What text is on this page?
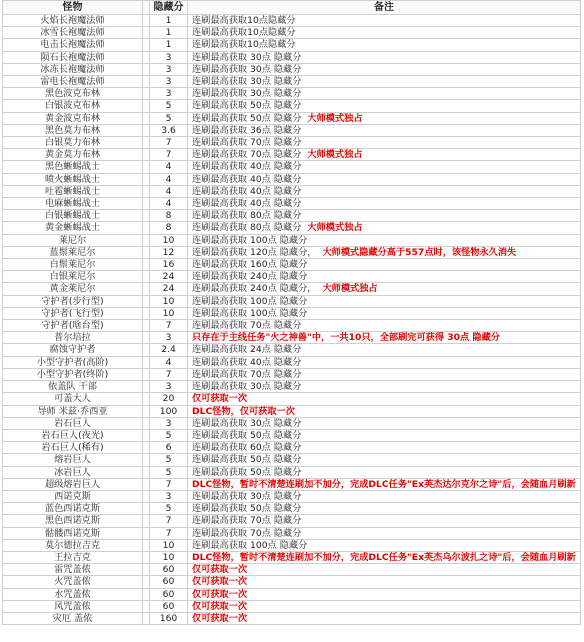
怪物		隐藏分	备注
火焰长袍魔法师		1	连刷最高获取10点隐藏分
冰雪长袍魔法师		1	连刷最高获取10点隐藏分
电击长袍魔法师		1	连刷最高获取10点隐藏分
陨石长袍魔法师		3	连刷最高获取 30点 隐藏分
冰冻长袍魔法师		3	连刷最高获取 30点 隐藏分
雷电长袍魔法师		3	连刷最高获取 30点 隐藏分
黑色波克布林		3	连刷最高获取 30点 隐藏分
白银波克布林		5	连刷最高获取 50点 隐藏分
黄金波克布林		5	连刷最高获取 50点 隐藏分 大师模式独占
黑色莫力布林		3.6	连刷最高获取 36点 隐藏分
白银莫力布林		7	连刷最高获取 70点 隐藏分
黄金莫力布林		7	连刷最高获取 70点 隐藏分 大师模式独占
黑色蜥蜴战士		4	连刷最高获取 40点 隐藏分
喷火蜥蜴战士		4	连刷最高获取 40点 隐藏分
吐雹蜥蜴战士		4	连刷最高获取 40点 隐藏分
电麻蜥蜴战士		4	连刷最高获取 40点 隐藏分
白银蜥蜴战士		8	连刷最高获取 80点 隐藏分
黄金蜥蜴战士		8	连刷最高获取 80点 隐藏分 大师模式独占
莱尼尔		10	连刷最高获取 100点 隐藏分
蓝鬃莱尼尔		12	连刷最高获取 120点 隐藏分， 大师模式隐藏分高于557点时，该怪物永久消失
白鬃莱尼尔		16	连刷最高获取 160点 隐藏分
白银莱尼尔		24	连刷最高获取 240点 隐藏分
黄金莱尼尔		24	连刷最高获取 240点 隐藏分， 大师模式独占
守护者(步行型)		10	连刷最高获取 100点 隐藏分
守护者(飞行型)		10	连刷最高获取 100点 隐藏分
守护者(啥台型)		7	连刷最高获取 70点 隐藏分
普尔培拉		3	只存在于主线任务"火之神兽"中，一共10只，全部刷完可获得 30点 隐藏分
腐蚀守护者		2.4	连刷最高获取 24点 隐藏分
小型守护者(高阶)		4	连刷最高获取 40点 隐藏分
小型守护者(终阶)		7	连刷最高获取 70点 隐藏分
依盖队 干部		3	连刷最高获取 30点 隐藏分
可盖大人		20	仅可获取一次
导师 米兹·乔西亚		100	DLC怪物，仅可获取一次
岩石巨人		3	连刷最高获取 30点 隐藏分
岩石巨人(夜光)		5	连刷最高获取 50点 隐藏分
岩石巨人(稀有)		6	连刷最高获取 60点 隐藏分
熔岩巨人		5	连刷最高获取 50点 隐藏分
冰岩巨人		5	连刷最高获取 50点 隐藏分
超级熔岩巨人		7	DLC怪物，暂时不清楚连刷加不加分，完成DLC任务"Ex英杰达尔克尔之诗"后，会随血月刷新
西诺克斯		3	连刷最高获取 30点 隐藏分
蓝色西诺克斯		5	连刷最高获取 50点 隐藏分
黑色西诺克斯		7	连刷最高获取 70点 隐藏分
骷髅西诺克斯		7	连刷最高获取 70点 隐藏分
莫尔德拉吉克		10	连刷最高获取 100点 隐藏分
王拉吉克		10	DLC怪物，暂时不清楚连刷加不加分，完成DLC任务"Ex英杰乌尔波扎之诗"后，会随血月刷新
雷咒盖侬		60	仅可获取一次
火咒盖侬		60	仅可获取一次
水咒盖侬		60	仅可获取一次
风咒盖侬		60	仅可获取一次
灾厄 盖侬		160	仅可获取一次
